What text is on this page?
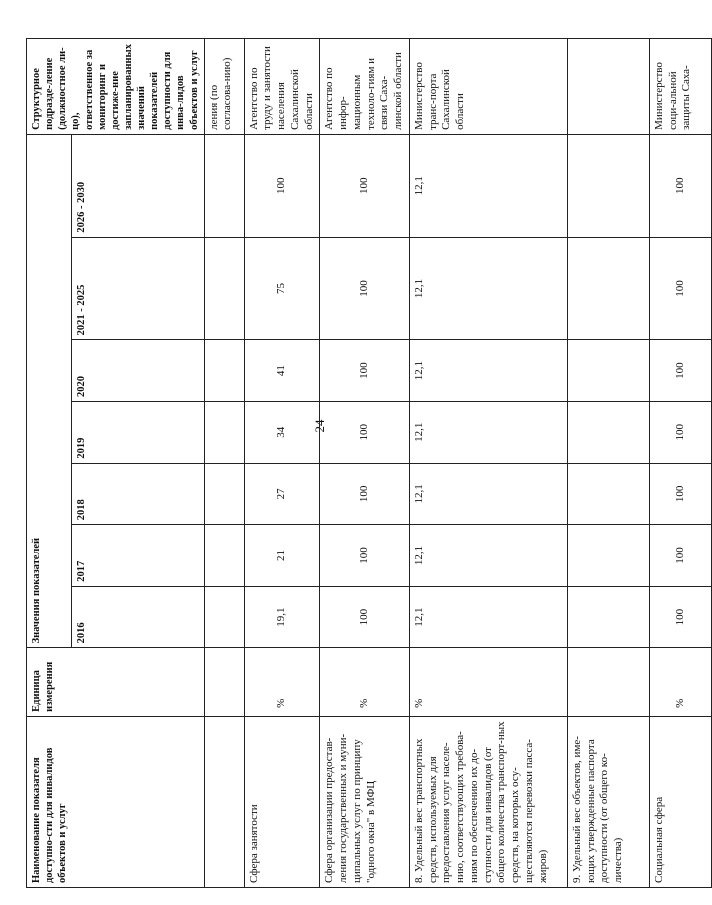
24
Наименование показателя доступно-сти для инвалидов объектов и услуг	Единица измерения	Значения показателей							Структурное подразде-ление (должностное ли-цо), ответственное за мониторинг и достиже-ние запланированных значений показателей доступности для инва-лидов объектов и услуг
		2016	2017	2018	2019	2020	2021 - 2025	2026 - 2030	
									ления (по согласова-нию)
Сфера занятости	%	19,1	21	27	34	41	75	100	Агентство по труду и занятости населения Сахалинской области
Сфера организации предостав-ления государственных и муни-ципальных услуг по принципу "одного окна" в МФЦ	%	100	100	100	100	100	100	100	Агентство по инфор-мационным техноло-гиям и связи Саха-линской области
8. Удельный вес транспортных средств, используемых для предоставления услуг населе-нию, соответствующих требова-ниям по обеспечению их до-ступности для инвалидов (от общего количества транспорт-ных средств, на которых осу-ществляются перевозки пасса-жиров)	%	12,1	12,1	12,1	12,1	12,1	12,1	12,1	Министерство транс-порта Сахалинской области
9. Удельный вес объектов, име-ющих утвержденные паспорта доступности (от общего ко-личества)									
Социальная сфера	%	100	100	100	100	100	100	100	Министерство соци-альной защиты Саха-
